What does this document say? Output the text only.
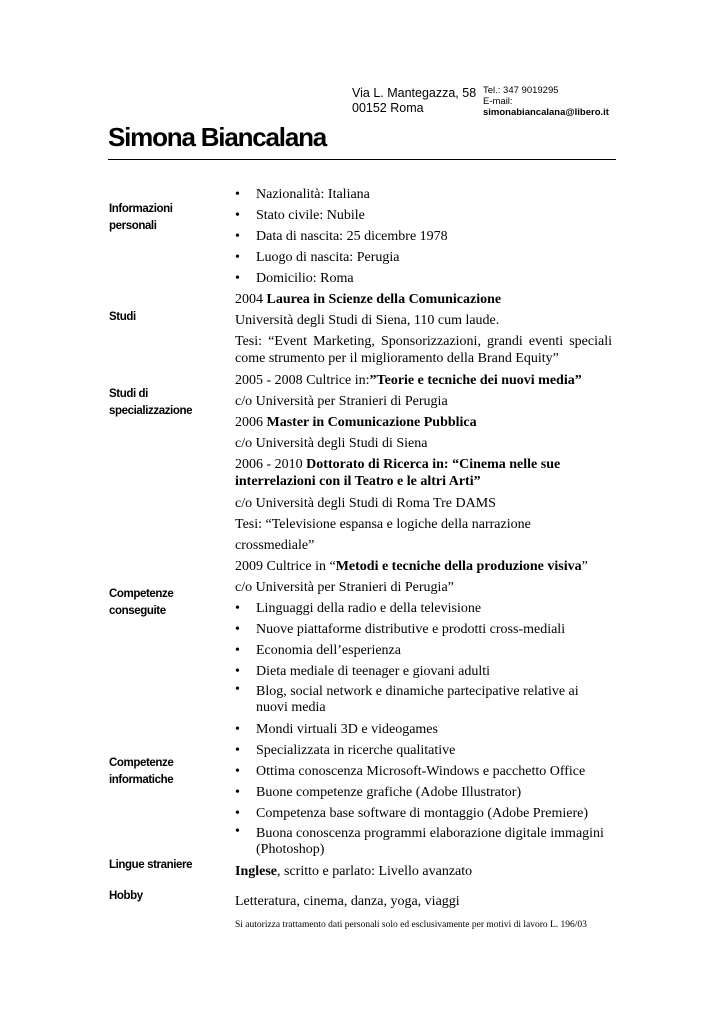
Via L. Mantegazza, 58
00152 Roma
Tel.: 347 9019295
E-mail:
simonabiancalana@libero.it
Simona Biancalana
Informazioni
personali
Studi
Studi di
specializzazione
Competenze
conseguite
Competenze
informatiche
Lingue straniere
Hobby
• Nazionalità: Italiana
• Stato civile: Nubile
• Data di nascita: 25 dicembre 1978
• Luogo di nascita: Perugia
• Domicilio: Roma

2004 Laurea in Scienze della Comunicazione

Università degli Studi di Siena, 110 cum laude.

Tesi: “Event Marketing, Sponsorizzazioni, grandi eventi speciali come strumento per il miglioramento della Brand Equity”

2005 - 2008 Cultrice in:”Teorie e tecniche dei nuovi media”

c/o Università per Stranieri di Perugia

2006 Master in Comunicazione Pubblica

c/o Università degli Studi di Siena

2006 - 2010 Dottorato di Ricerca in: “Cinema nelle sue interrelazioni con il Teatro e le altri Arti”

c/o Università degli Studi di Roma Tre DAMS

Tesi: “Televisione espansa e logiche della narrazione crossmediale”

2009 Cultrice in “Metodi e tecniche della produzione visiva”

c/o Università per Stranieri di Perugia”

• Linguaggi della radio e della televisione
• Nuove piattaforme distributive e prodotti cross-mediali
• Economia dell’esperienza
• Dieta mediale di teenager e giovani adulti
• Blog, social network e dinamiche partecipative relative ai nuovi media
• Mondi virtuali 3D e videogames
• Specializzata in ricerche qualitative
• Ottima conoscenza Microsoft-Windows e pacchetto Office
• Buone competenze grafiche (Adobe Illustrator)
• Competenza base software di montaggio (Adobe Premiere)
• Buona conoscenza programmi elaborazione digitale immagini (Photoshop)

Inglese, scritto e parlato: Livello avanzato

Letteratura, cinema, danza, yoga, viaggi

Si autorizza trattamento dati personali solo ed esclusivamente per motivi di lavoro L. 196/03
